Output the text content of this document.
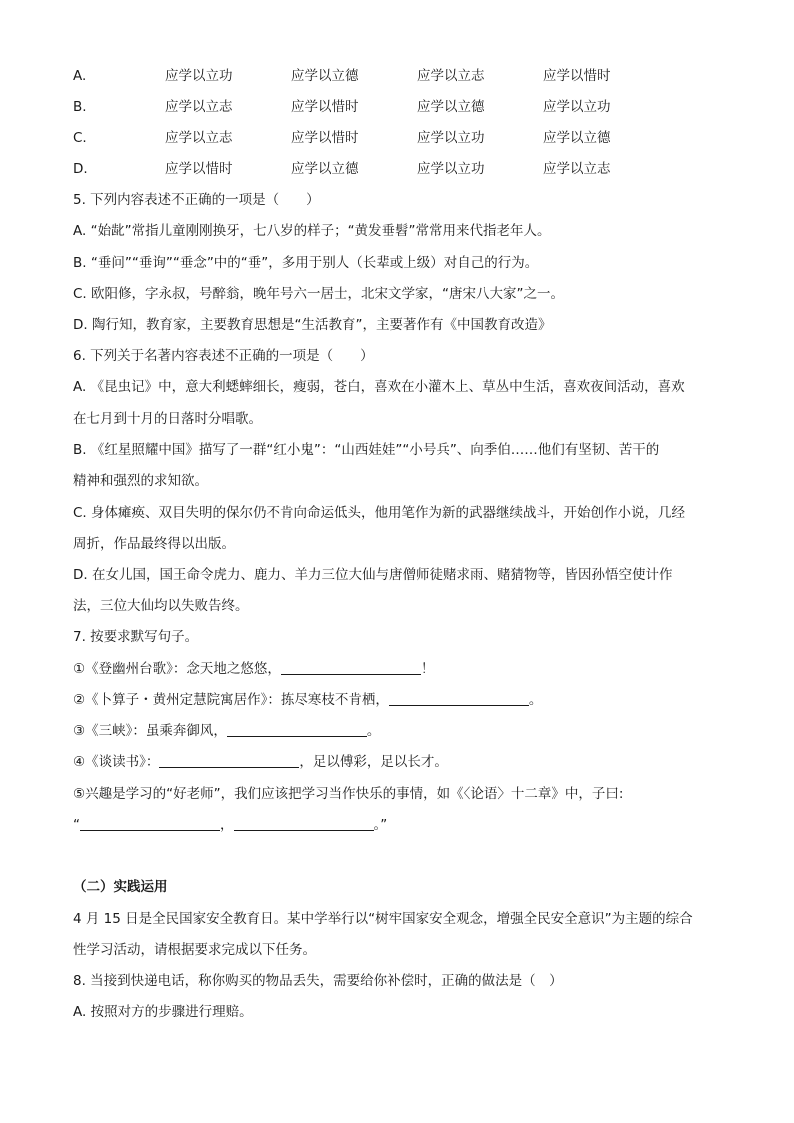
A.	应学以立功	应学以立德	应学以立志	应学以惜时
B.	应学以立志	应学以惜时	应学以立德	应学以立功
C.	应学以立志	应学以惜时	应学以立功	应学以立德
D.	应学以惜时	应学以立德	应学以立功	应学以立志
5. 下列内容表述不正确的一项是（　　）
A. “始龀”常指儿童刚刚换牙，七八岁的样子；“黄发垂髫”常常用来代指老年人。
B. “垂问”“垂询”“垂念”中的“垂”，多用于别人（长辈或上级）对自己的行为。
C. 欧阳修，字永叔，号醉翁，晚年号六一居士，北宋文学家，“唐宋八大家”之一。
D. 陶行知，教育家，主要教育思想是“生活教育”，主要著作有《中国教育改造》
6. 下列关于名著内容表述不正确的一项是（　　）
A. 《昆虫记》中，意大利蟋蟀细长，瘦弱，苍白，喜欢在小灌木上、草丛中生活，喜欢夜间活动，喜欢
在七月到十月的日落时分唱歌。
B. 《红星照耀中国》描写了一群“红小鬼”：“山西娃娃”“小号兵”、向季伯……他们有坚韧、苦干的
精神和强烈的求知欲。
C. 身体瘫痪、双目失明的保尔仍不肯向命运低头，他用笔作为新的武器继续战斗，开始创作小说，几经
周折，作品最终得以出版。
D. 在女儿国，国王命令虎力、鹿力、羊力三位大仙与唐僧师徒赌求雨、赌猜物等，皆因孙悟空使计作
法，三位大仙均以失败告终。
7. 按要求默写句子。
①《登幽州台歌》：念天地之悠悠，	！
②《卜算子・黄州定慧院寓居作》：拣尽寒枝不肯栖，	。
③《三峡》：虽乘奔御风，	。
④《谈读书》：	，足以傅彩，足以长才。
⑤兴趣是学习的“好老师”，我们应该把学习当作快乐的事情，如《〈论语〉十二章》中，子曰:
“	，	。”
（二）实践运用
4 月 15 日是全民国家安全教育日。某中学举行以“树牢国家安全观念，增强全民安全意识”为主题的综合
性学习活动，请根据要求完成以下任务。
8. 当接到快递电话，称你购买的物品丢失，需要给你补偿时，正确的做法是（　）
A. 按照对方的步骤进行理赔。
